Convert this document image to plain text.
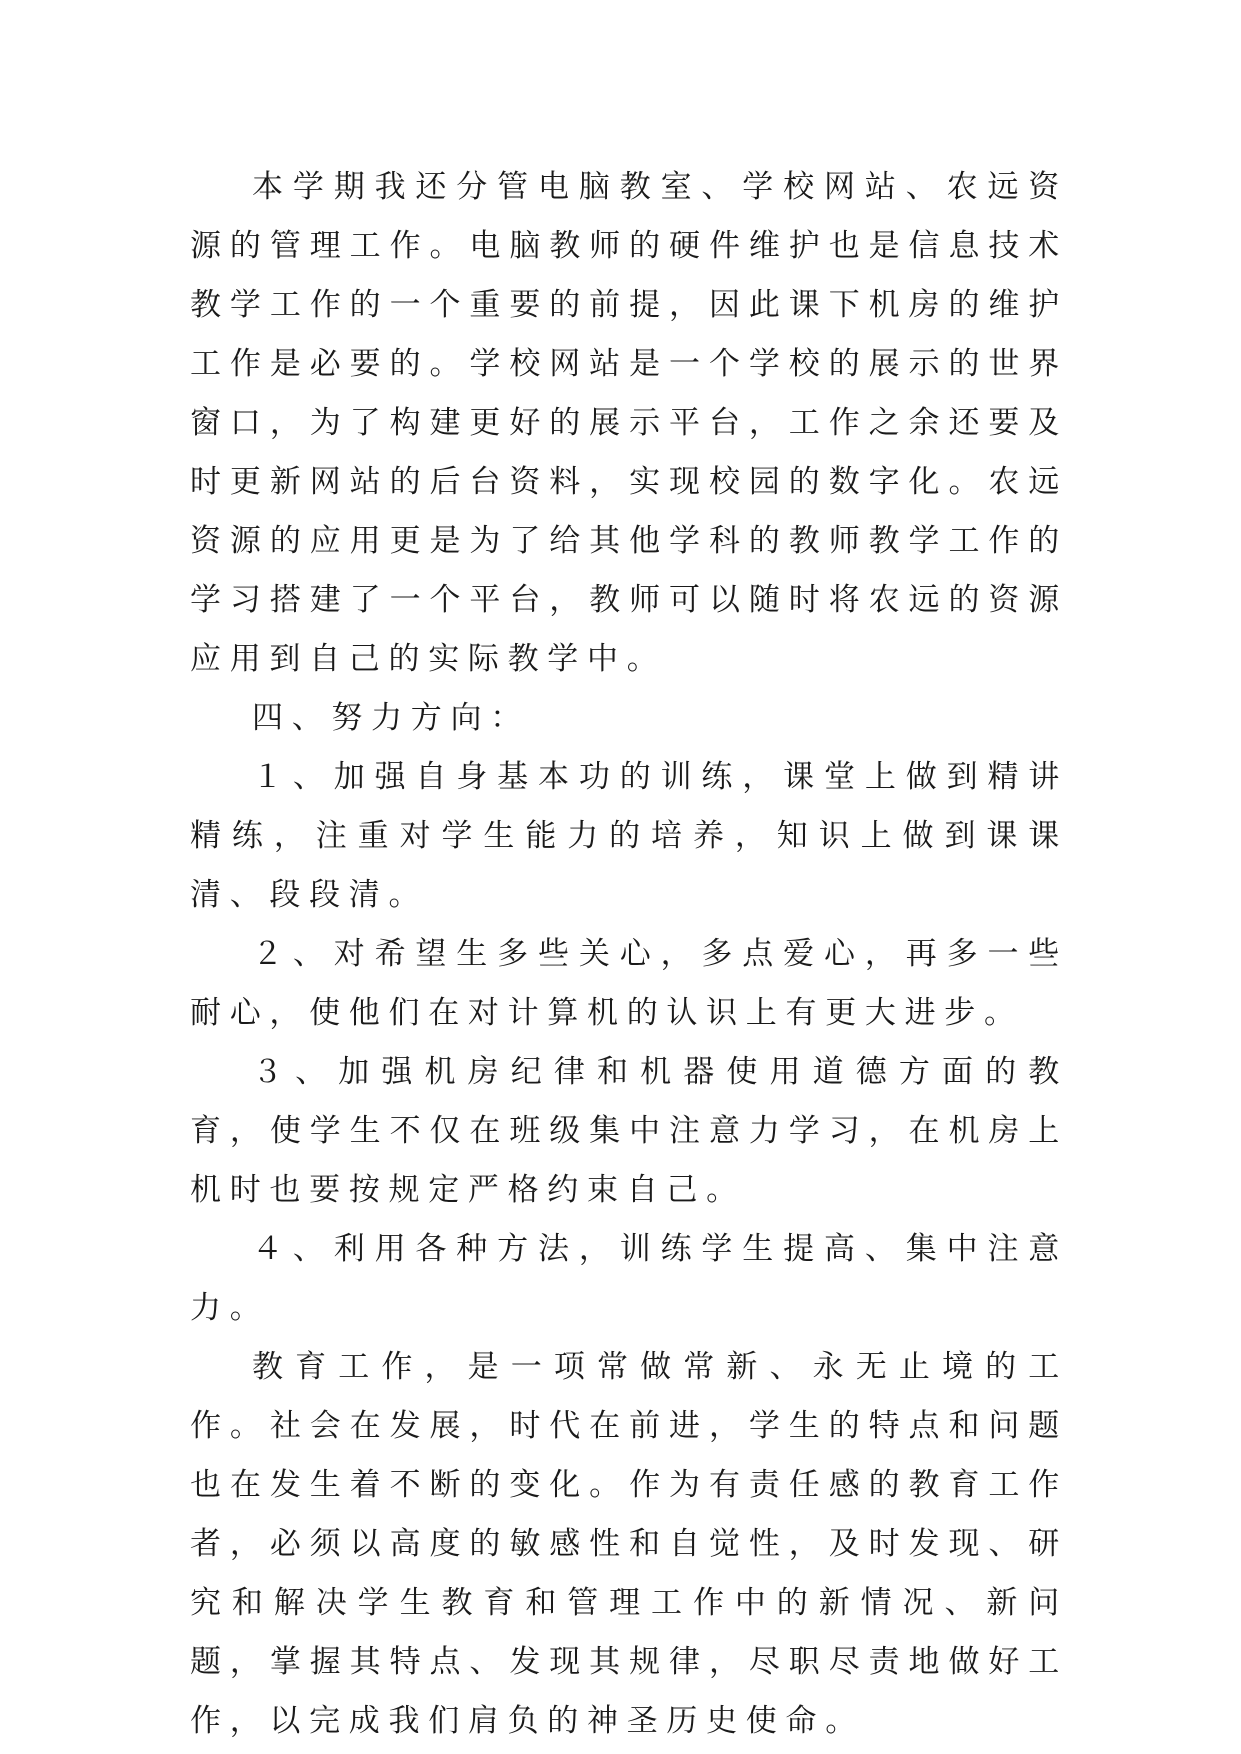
本学期我还分管电脑教室、学校网站、农远资源的管理工作。电脑教师的硬件维护也是信息技术教学工作的一个重要的前提，因此课下机房的维护工作是必要的。学校网站是一个学校的展示的世界窗口，为了构建更好的展示平台，工作之余还要及时更新网站的后台资料，实现校园的数字化。农远资源的应用更是为了给其他学科的教师教学工作的学习搭建了一个平台，教师可以随时将农远的资源应用到自己的实际教学中。

四、努力方向：

１、加强自身基本功的训练，课堂上做到精讲精练，注重对学生能力的培养，知识上做到课课清、段段清。

２、对希望生多些关心，多点爱心，再多一些耐心，使他们在对计算机的认识上有更大进步。

３、加强机房纪律和机器使用道德方面的教育，使学生不仅在班级集中注意力学习，在机房上机时也要按规定严格约束自己。

４、利用各种方法，训练学生提高、集中注意力。

教育工作，是一项常做常新、永无止境的工作。社会在发展，时代在前进，学生的特点和问题也在发生着不断的变化。作为有责任感的教育工作者，必须以高度的敏感性和自觉性，及时发现、研究和解决学生教育和管理工作中的新情况、新问题，掌握其特点、发现其规律，尽职尽责地做好工作，以完成我们肩负的神圣历史使命。
